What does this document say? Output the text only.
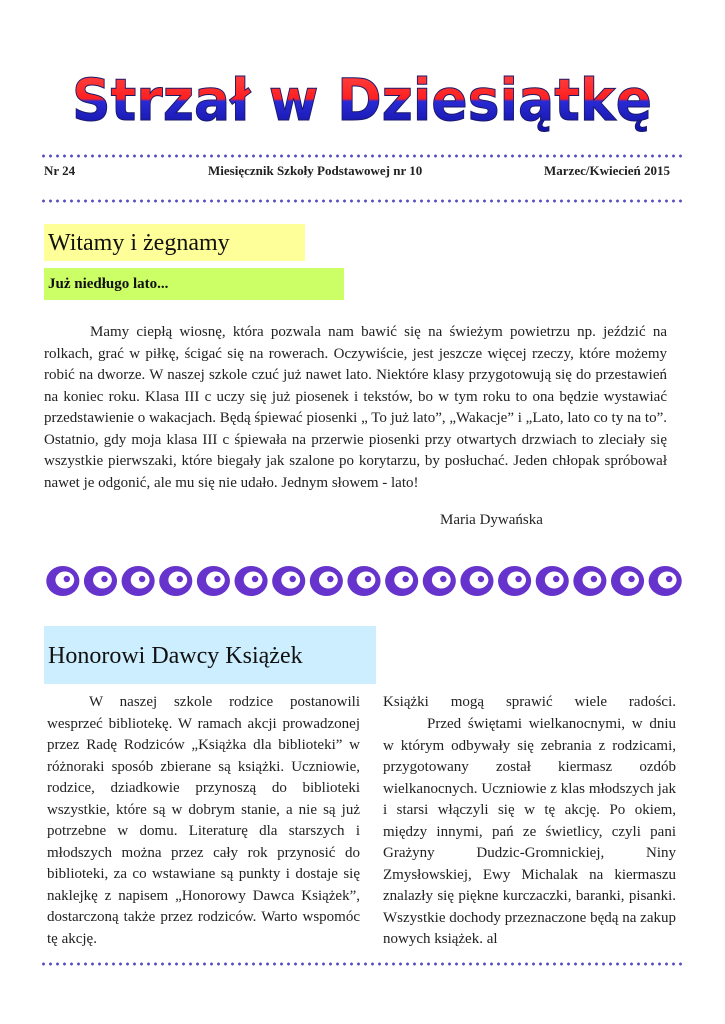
Strzał w Dziesiątkę
Nr 24	Miesięcznik Szkoły Podstawowej nr 10	Marzec/Kwiecień 2015
Witamy i żegnamy
Już niedługo lato...

Mamy ciepłą wiosnę, która pozwala nam bawić się na świeżym powietrzu np. jeździć na rolkach, grać w piłkę, ścigać się na rowerach. Oczywiście, jest jeszcze więcej rzeczy, które możemy robić na dworze. W naszej szkole czuć już nawet lato. Niektóre klasy przygotowują się do przestawień na koniec roku. Klasa III c uczy się już piosenek i tekstów, bo w tym roku to ona będzie wystawiać przedstawienie o wakacjach. Będą śpiewać piosenki „ To już lato”, „Wakacje” i „Lato, lato co ty na to”. Ostatnio, gdy moja klasa III c śpiewała na przerwie piosenki przy otwartych drzwiach to zleciały się wszystkie pierwszaki, które biegały jak szalone po korytarzu, by posłuchać. Jeden chłopak spróbował nawet je odgonić, ale mu się nie udało. Jednym słowem - lato!

Maria Dywańska
Honorowi Dawcy Książek

W naszej szkole rodzice postanowili wesprzeć bibliotekę. W ramach akcji prowadzonej przez Radę Rodziców „Książka dla biblioteki” w różnoraki sposób zbierane są książki. Uczniowie, rodzice, dziadkowie przynoszą do biblioteki wszystkie, które są w dobrym stanie, a nie są już potrzebne w domu. Literaturę dla starszych i młodszych można przez cały rok przynosić do biblioteki, za co wstawiane są punkty i dostaje się naklejkę z napisem „Honorowy Dawca Książek”, dostarczoną także przez rodziców. Warto wspomóc tę akcję.

Książki mogą sprawić wiele radości.

Przed świętami wielkanocnymi, w dniu w którym odbywały się zebrania z rodzicami, przygotowany został kiermasz ozdób wielkanocnych. Uczniowie z klas młodszych jak i starsi włączyli się w tę akcję. Po okiem, między innymi, pań ze świetlicy, czyli pani Grażyny Dudzic-Gromnickiej, Niny Zmysłowskiej, Ewy Michalak na kiermaszu znalazły się piękne kurczaczki, baranki, pisanki. Wszystkie dochody przeznaczone będą na zakup nowych książek. al
